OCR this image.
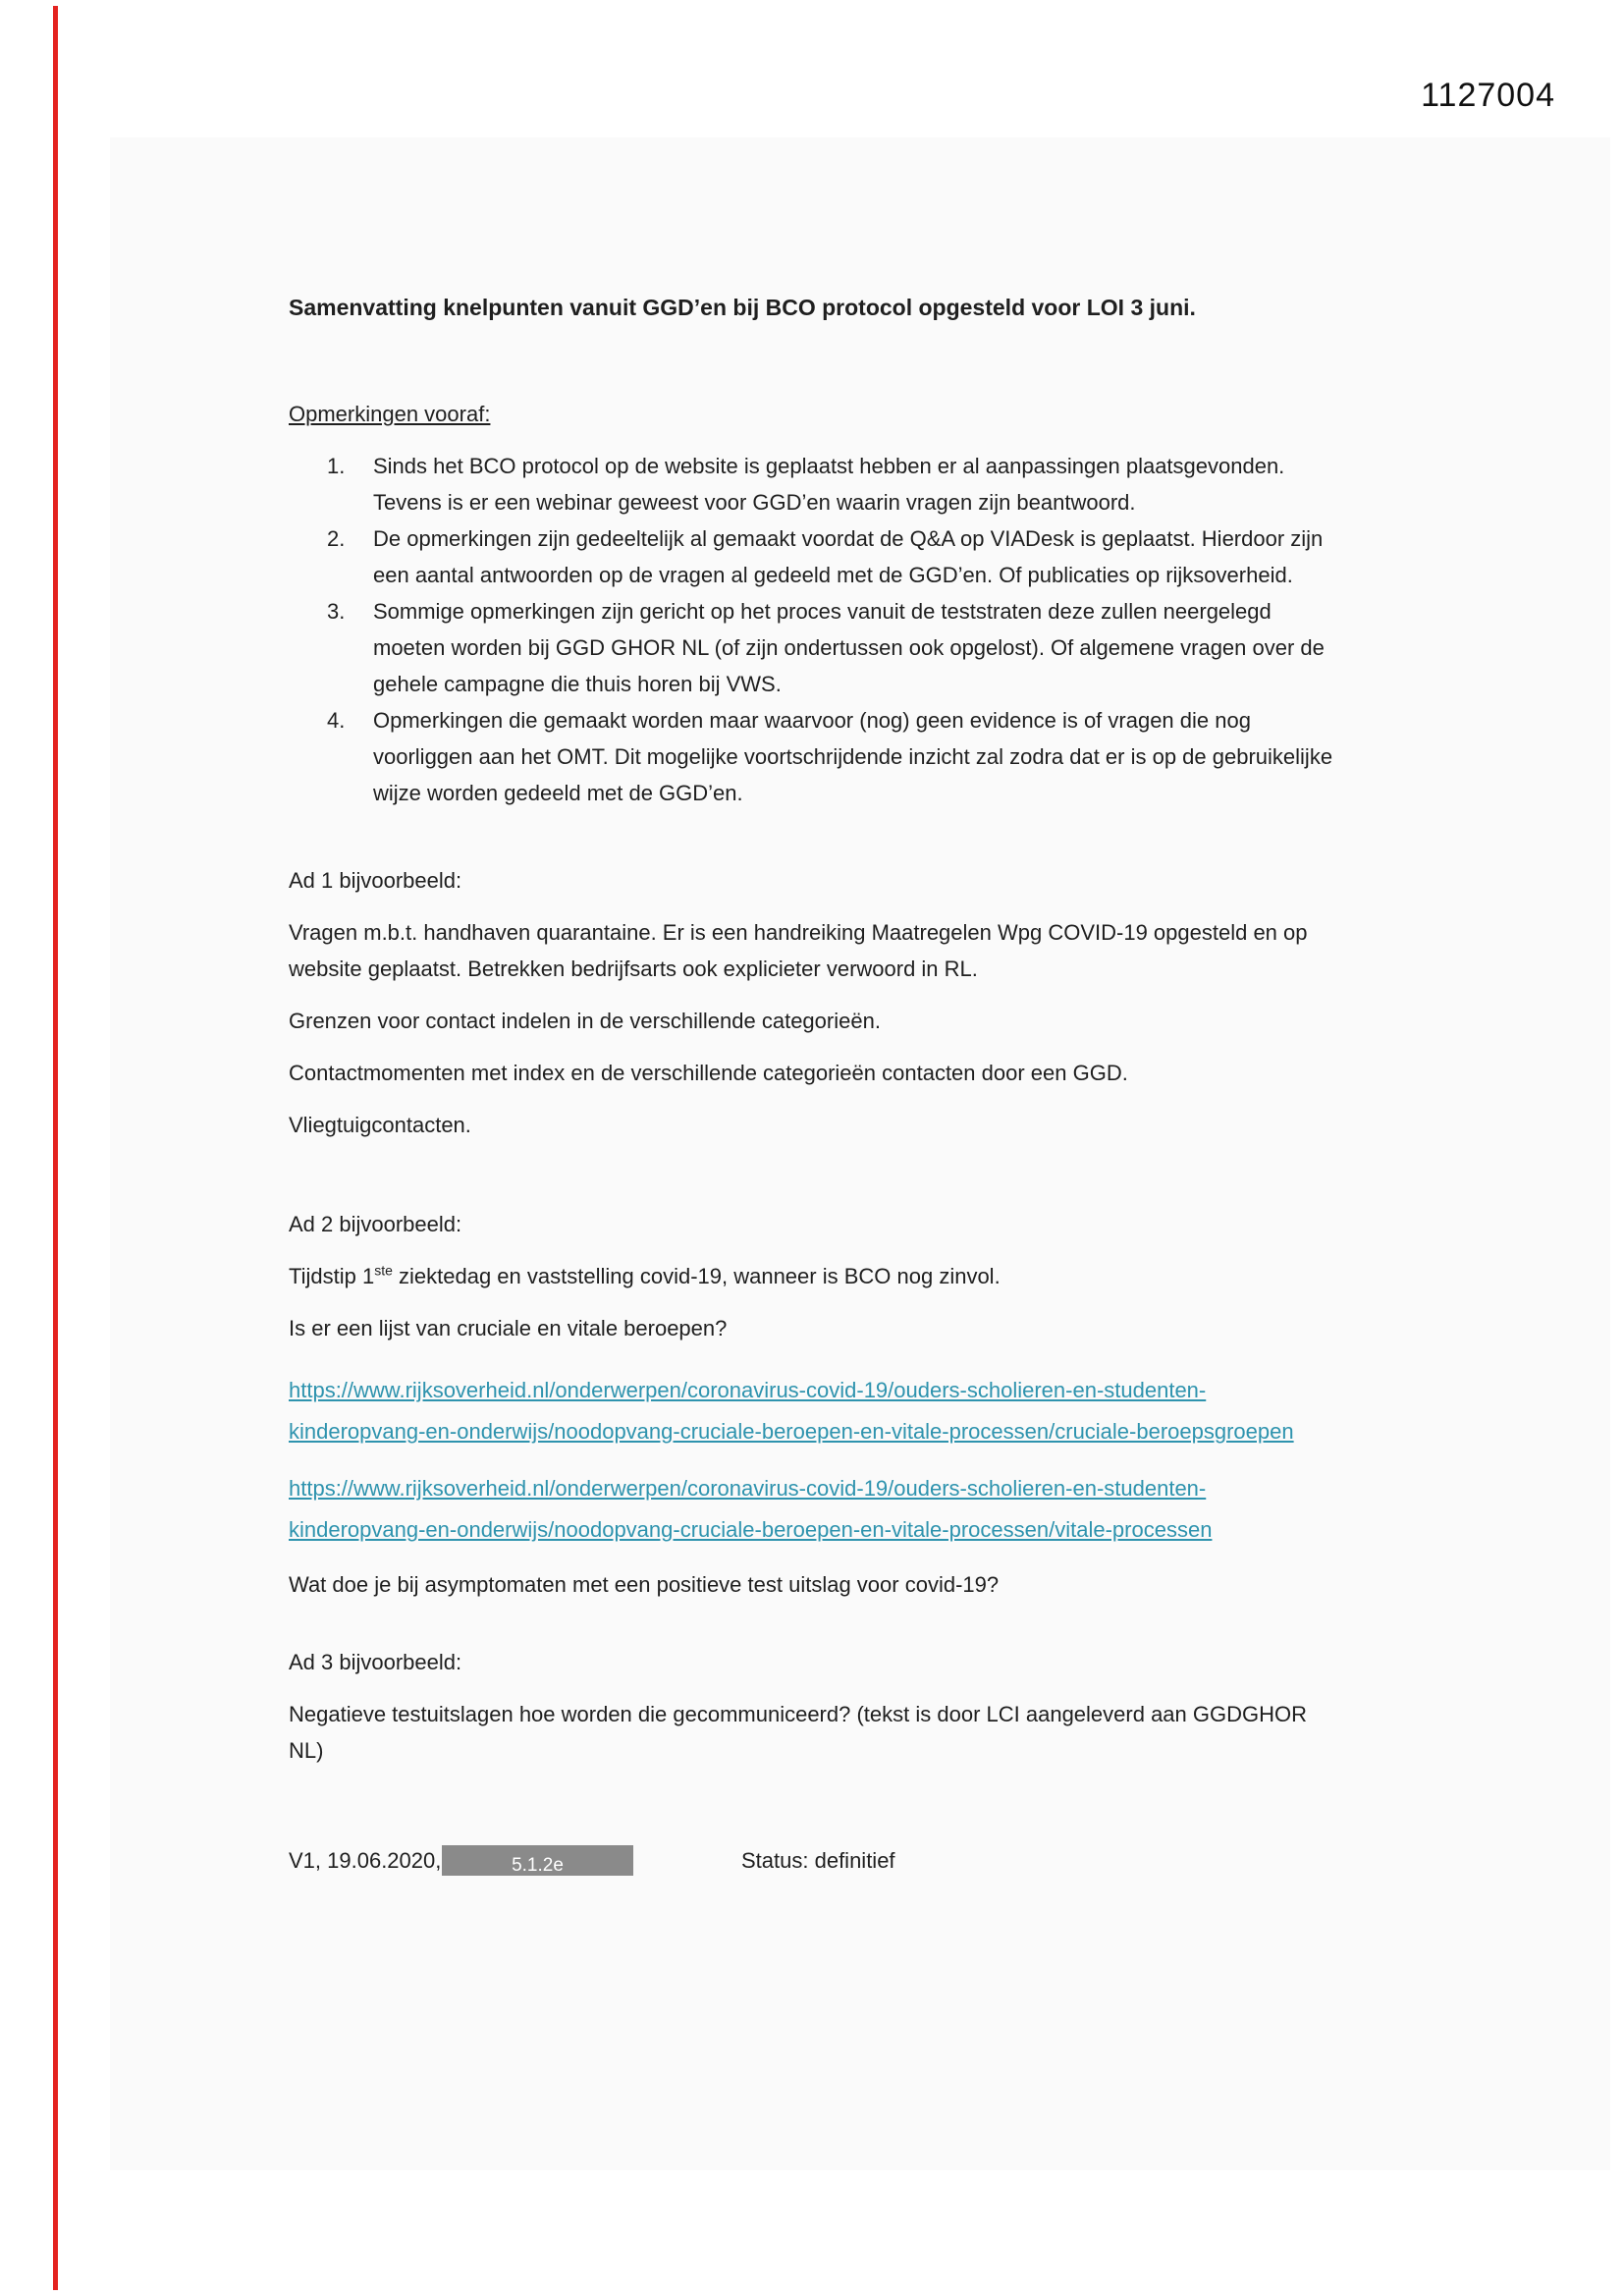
1127004
Samenvatting knelpunten vanuit GGD’en bij BCO protocol opgesteld voor LOI 3 juni.
Opmerkingen vooraf:
1.	Sinds het BCO protocol op de website is geplaatst hebben er al aanpassingen plaatsgevonden. Tevens is er een webinar geweest voor GGD’en waarin vragen zijn beantwoord.
2.	De opmerkingen zijn gedeeltelijk al gemaakt voordat de Q&A op VIADesk is geplaatst. Hierdoor zijn een aantal antwoorden op de vragen al gedeeld met de GGD’en. Of publicaties op rijksoverheid.
3.	Sommige opmerkingen zijn gericht op het proces vanuit de teststraten deze zullen neergelegd moeten worden bij GGD GHOR NL (of zijn ondertussen ook opgelost). Of algemene vragen over de gehele campagne die thuis horen bij VWS.
4.	Opmerkingen die gemaakt worden maar waarvoor (nog) geen evidence is of vragen die nog voorliggen aan het OMT. Dit mogelijke voortschrijdende inzicht zal zodra dat er is op de gebruikelijke wijze worden gedeeld met de GGD’en.
Ad 1 bijvoorbeeld:

Vragen m.b.t. handhaven quarantaine. Er is een handreiking Maatregelen Wpg COVID-19 opgesteld en op website geplaatst. Betrekken bedrijfsarts ook explicieter verwoord in RL.

Grenzen voor contact indelen in de verschillende categorieën.

Contactmomenten met index en de verschillende categorieën contacten door een GGD.

Vliegtuigcontacten.

Ad 2 bijvoorbeeld:

Tijdstip 1ste ziektedag en vaststelling covid-19, wanneer is BCO nog zinvol.

Is er een lijst van cruciale en vitale beroepen?

https://www.rijksoverheid.nl/onderwerpen/coronavirus-covid-19/ouders-scholieren-en-studenten-kinderopvang-en-onderwijs/noodopvang-cruciale-beroepen-en-vitale-processen/cruciale-beroepsgroepen

https://www.rijksoverheid.nl/onderwerpen/coronavirus-covid-19/ouders-scholieren-en-studenten-kinderopvang-en-onderwijs/noodopvang-cruciale-beroepen-en-vitale-processen/vitale-processen

Wat doe je bij asymptomaten met een positieve test uitslag voor covid-19?

Ad 3 bijvoorbeeld:

Negatieve testuitslagen hoe worden die gecommuniceerd? (tekst is door LCI aangeleverd aan GGDGHOR NL)

V1, 19.06.2020,	5.1.2e	Status: definitief
